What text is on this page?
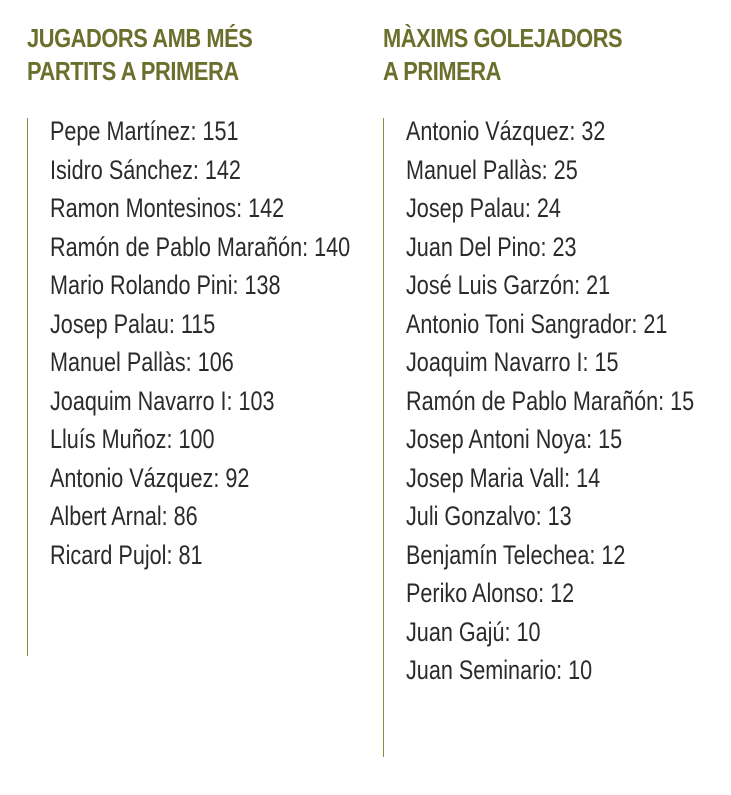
JUGADORS AMB MÉS
PARTITS A PRIMERA
Pepe Martínez: 151
Isidro Sánchez: 142
Ramon Montesinos: 142
Ramón de Pablo Marañón: 140
Mario Rolando Pini: 138
Josep Palau: 115
Manuel Pallàs: 106
Joaquim Navarro I: 103
Lluís Muñoz: 100
Antonio Vázquez: 92
Albert Arnal: 86
Ricard Pujol: 81
MÀXIMS GOLEJADORS
A PRIMERA
Antonio Vázquez: 32
Manuel Pallàs: 25
Josep Palau: 24
Juan Del Pino: 23
José Luis Garzón: 21
Antonio Toni Sangrador: 21
Joaquim Navarro I: 15
Ramón de Pablo Marañón: 15
Josep Antoni Noya: 15
Josep Maria Vall: 14
Juli Gonzalvo: 13
Benjamín Telechea: 12
Periko Alonso: 12
Juan Gajú: 10
Juan Seminario: 10
